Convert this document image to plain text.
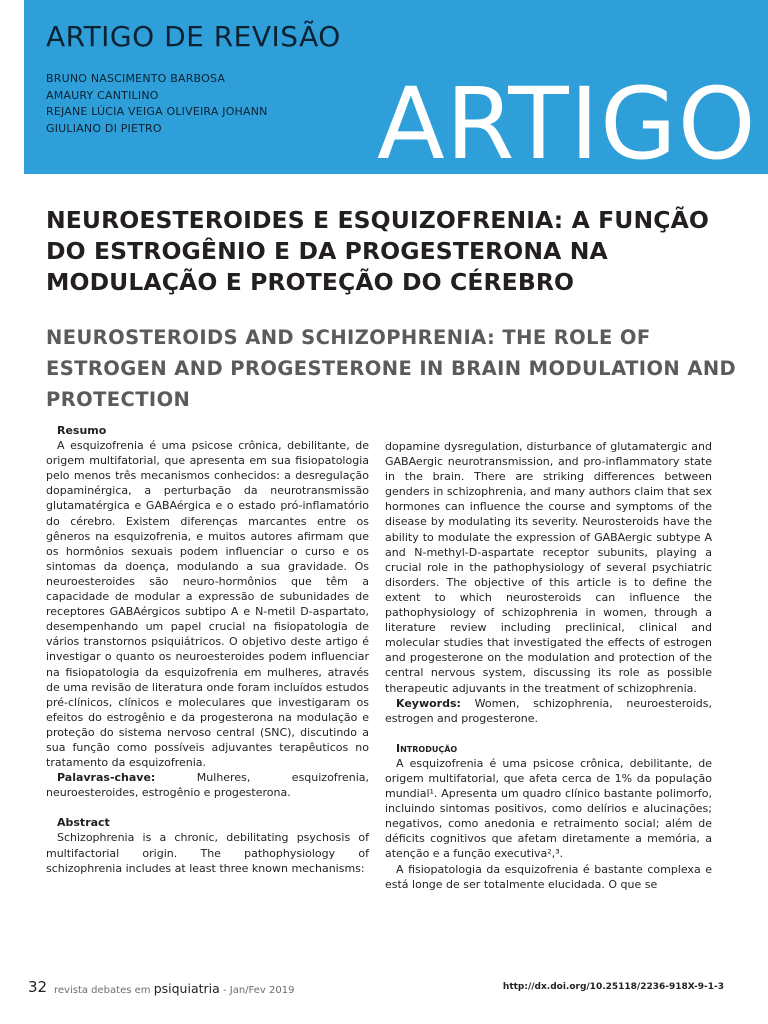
ARTIGO DE REVISÃO
BRUNO NASCIMENTO BARBOSA
AMAURY CANTILINO
REJANE LÚCIA VEIGA OLIVEIRA JOHANN
GIULIANO DI PIETRO	ARTIGO
NEUROESTEROIDES E ESQUIZOFRENIA: A FUNÇÃO DO ESTROGÊNIO E DA PROGESTERONA NA MODULAÇÃO E PROTEÇÃO DO CÉREBRO
NEUROSTEROIDS AND SCHIZOPHRENIA: THE ROLE OF ESTROGEN AND PROGESTERONE IN BRAIN MODULATION AND PROTECTION

Resumo

A esquizofrenia é uma psicose crônica, debilitante, de origem multifatorial, que apresenta em sua fisiopatologia pelo menos três mecanismos conhecidos: a desregulação dopaminérgica, a perturbação da neurotransmissão glutamatérgica e GABAérgica e o estado pró-inflamatório do cérebro. Existem diferenças marcantes entre os gêneros na esquizofrenia, e muitos autores afirmam que os hormônios sexuais podem influenciar o curso e os sintomas da doença, modulando a sua gravidade. Os neuroesteroides são neuro-hormônios que têm a capacidade de modular a expressão de subunidades de receptores GABAérgicos subtipo A e N-metil D-aspartato, desempenhando um papel crucial na fisiopatologia de vários transtornos psiquiátricos. O objetivo deste artigo é investigar o quanto os neuroesteroides podem influenciar na fisiopatologia da esquizofrenia em mulheres, através de uma revisão de literatura onde foram incluídos estudos pré-clínicos, clínicos e moleculares que investigaram os efeitos do estrogênio e da progesterona na modulação e proteção do sistema nervoso central (SNC), discutindo a sua função como possíveis adjuvantes terapêuticos no tratamento da esquizofrenia.

Palavras-chave:	Mulheres, esquizofrenia, neuroesteroides, estrogênio e progesterona.

Abstract

Schizophrenia is a chronic, debilitating psychosis of multifactorial origin. The pathophysiology of schizophrenia includes at least three known mechanisms:

dopamine dysregulation, disturbance of glutamatergic and GABAergic neurotransmission, and pro-inflammatory state in the brain. There are striking differences between genders in schizophrenia, and many authors claim that sex hormones can influence the course and symptoms of the disease by modulating its severity. Neurosteroids have the ability to modulate the expression of GABAergic subtype A and N-methyl-D-aspartate receptor subunits, playing a crucial role in the pathophysiology of several psychiatric disorders. The objective of this article is to define the extent to which neurosteroids can influence the pathophysiology of schizophrenia in women, through a literature review including preclinical, clinical and molecular studies that investigated the effects of estrogen and progesterone on the modulation and protection of the central nervous system, discussing its role as possible therapeutic adjuvants in the treatment of schizophrenia.

Keywords: Women, schizophrenia, neuroesteroids, estrogen and progesterone.

Introdução

A esquizofrenia é uma psicose crônica, debilitante, de origem multifatorial, que afeta cerca de 1% da população mundial¹. Apresenta um quadro clínico bastante polimorfo, incluindo sintomas positivos, como delírios e alucinações; negativos, como anedonia e retraimento social; além de déficits cognitivos que afetam diretamente a memória, a atenção e a função executiva²,³.

A fisiopatologia da esquizofrenia é bastante complexa e está longe de ser totalmente elucidada. O que se

32 revista debates em psiquiatria - Jan/Fev 2019	http://dx.doi.org/10.25118/2236-918X-9-1-3
